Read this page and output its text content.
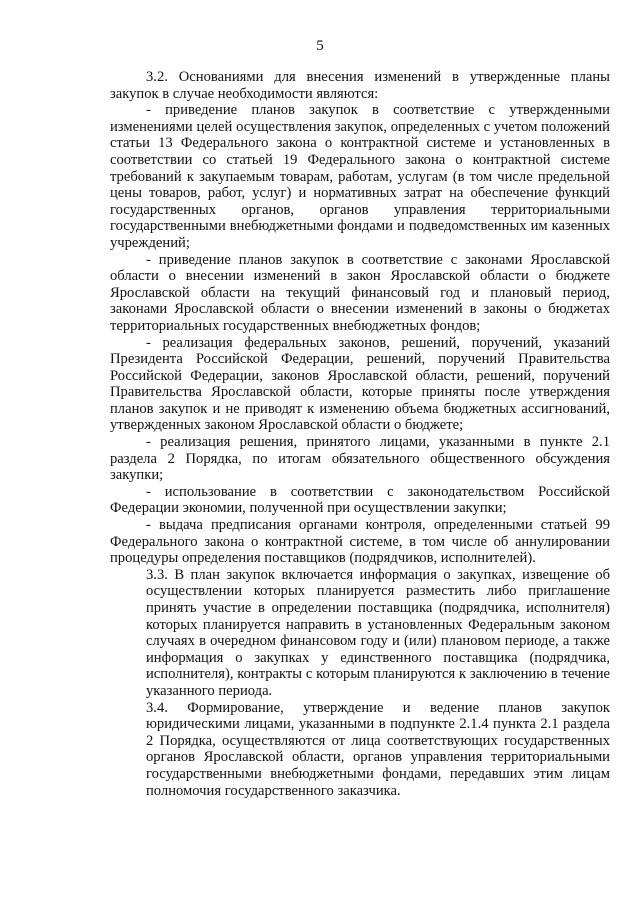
5

3.2. Основаниями для внесения изменений в утвержденные планы закупок в случае необходимости являются:

- приведение планов закупок в соответствие с утвержденными изменениями целей осуществления закупок, определенных с учетом положений статьи 13 Федерального закона о контрактной системе и установленных в соответствии со статьей 19 Федерального закона о контрактной системе требований к закупаемым товарам, работам, услугам (в том числе предельной цены товаров, работ, услуг) и нормативных затрат на обеспечение функций государственных органов, органов управления территориальными государственными внебюджетными фондами и подведомственных им казенных учреждений;

- приведение планов закупок в соответствие с законами Ярославской области о внесении изменений в закон Ярославской области о бюджете Ярославской области на текущий финансовый год и плановый период, законами Ярославской области о внесении изменений в законы о бюджетах территориальных государственных внебюджетных фондов;

- реализация федеральных законов, решений, поручений, указаний Президента Российской Федерации, решений, поручений Правительства Российской Федерации, законов Ярославской области, решений, поручений Правительства Ярославской области, которые приняты после утверждения планов закупок и не приводят к изменению объема бюджетных ассигнований, утвержденных законом Ярославской области о бюджете;

- реализация решения, принятого лицами, указанными в пункте 2.1 раздела 2 Порядка, по итогам обязательного общественного обсуждения закупки;

- использование в соответствии с законодательством Российской Федерации экономии, полученной при осуществлении закупки;

- выдача предписания органами контроля, определенными статьей 99 Федерального закона о контрактной системе, в том числе об аннулировании процедуры определения поставщиков (подрядчиков, исполнителей).

3.3. В план закупок включается информация о закупках, извещение об осуществлении которых планируется разместить либо приглашение принять участие в определении поставщика (подрядчика, исполнителя) которых планируется направить в установленных Федеральным законом случаях в очередном финансовом году и (или) плановом периоде, а также информация о закупках у единственного поставщика (подрядчика, исполнителя), контракты с которым планируются к заключению в течение указанного периода.

3.4. Формирование, утверждение и ведение планов закупок юридическими лицами, указанными в подпункте 2.1.4 пункта 2.1 раздела 2 Порядка, осуществляются от лица соответствующих государственных органов Ярославской области, органов управления территориальными государственными внебюджетными фондами, передавших этим лицам полномочия государственного заказчика.
